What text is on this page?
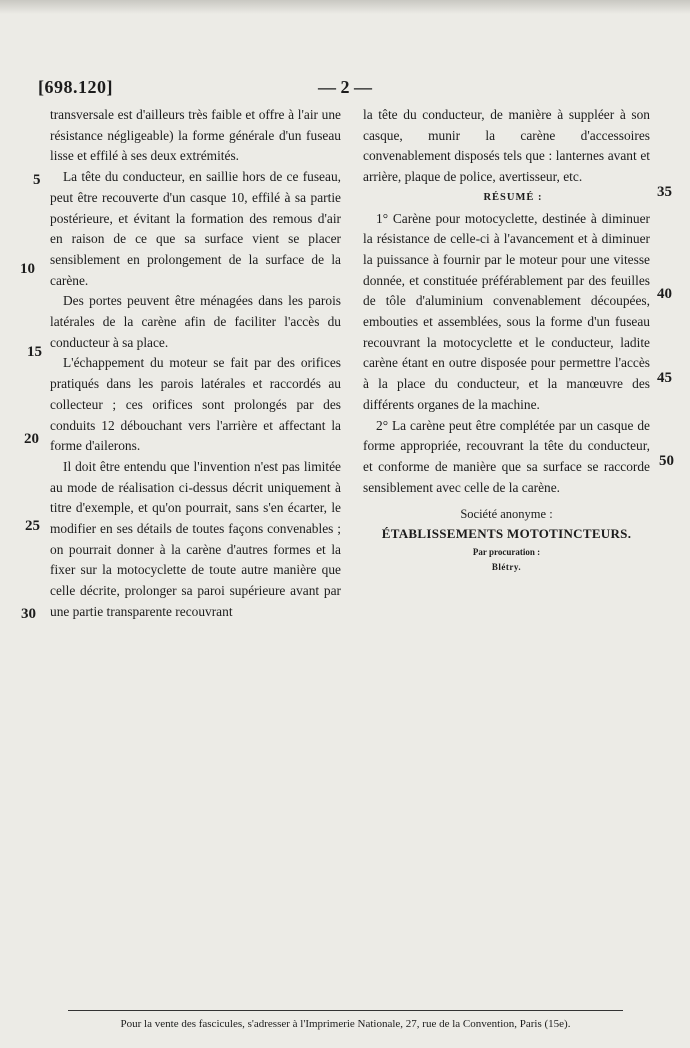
[698.120]	— 2 —

transversale est d'ailleurs très faible et offre à l'air une résistance négligeable) la forme générale d'un fuseau lisse et effilé à ses deux extrémités.

La tête du conducteur, en saillie hors de ce fuseau, peut être recouverte d'un casque 10, effilé à sa partie postérieure, et évitant la formation des remous d'air en raison de ce que sa surface vient se placer sensiblement en prolongement de la surface de la carène.

Des portes peuvent être ménagées dans les parois latérales de la carène afin de faciliter l'accès du conducteur à sa place.

L'échappement du moteur se fait par des orifices pratiqués dans les parois latérales et raccordés au collecteur ; ces orifices sont prolongés par des conduits 12 débouchant vers l'arrière et affectant la forme d'ailerons.

Il doit être entendu que l'invention n'est pas limitée au mode de réalisation ci-dessus décrit uniquement à titre d'exemple, et qu'on pourrait, sans s'en écarter, le modifier en ses détails de toutes façons convenables ; on pourrait donner à la carène d'autres formes et la fixer sur la motocyclette de toute autre manière que celle décrite, prolonger sa paroi supérieure avant par une partie transparente recouvrant

la tête du conducteur, de manière à suppléer à son casque, munir la carène d'accessoires convenablement disposés tels que : lanternes avant et arrière, plaque de police, avertisseur, etc.

RÉSUMÉ :

1° Carène pour motocyclette, destinée à diminuer la résistance de celle-ci à l'avancement et à diminuer la puissance à fournir par le moteur pour une vitesse donnée, et constituée préférablement par des feuilles de tôle d'aluminium convenablement découpées, embouties et assemblées, sous la forme d'un fuseau recouvrant la motocyclette et le conducteur, ladite carène étant en outre disposée pour permettre l'accès à la place du conducteur, et la manœuvre des différents organes de la machine.

2° La carène peut être complétée par un casque de forme appropriée, recouvrant la tête du conducteur, et conforme de manière que sa surface se raccorde sensiblement avec celle de la carène.

Société anonyme :
ÉTABLISSEMENTS MOTOTINCTEURS.
Par procuration :
Blétry.
5
10
15
20
25
30
35
40
45
50
Pour la vente des fascicules, s'adresser à l'Imprimerie Nationale, 27, rue de la Convention, Paris (15e).
